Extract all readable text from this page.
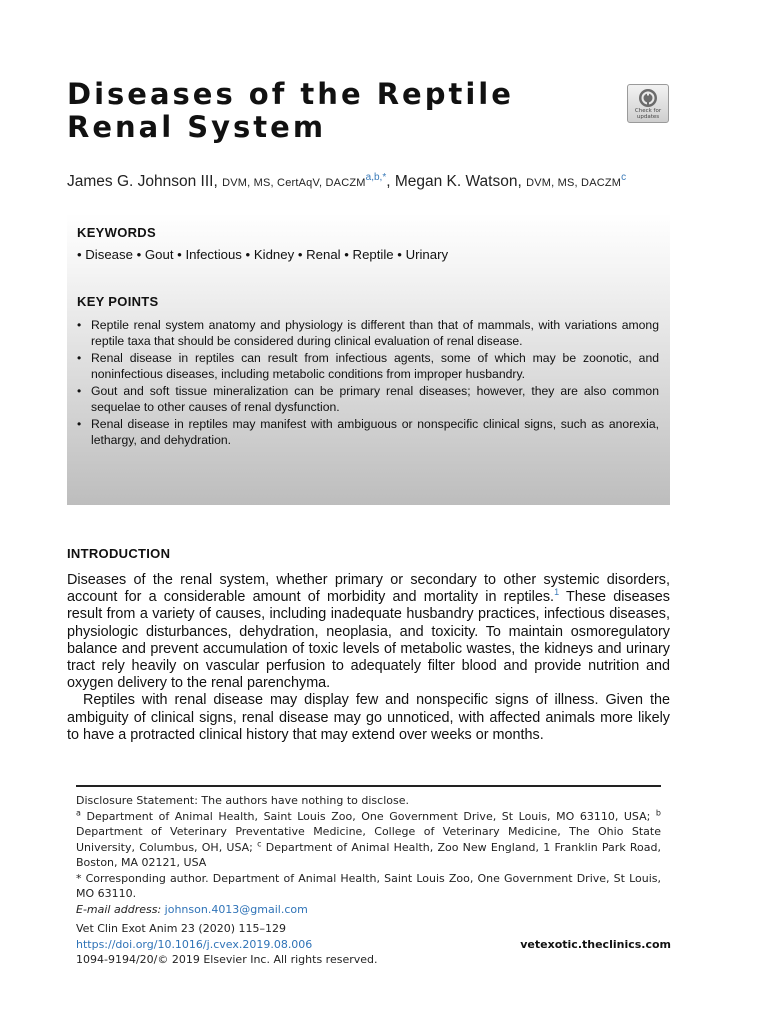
Diseases of the Reptile Renal System	Check for updates
James G. Johnson III, DVM, MS, CertAqV, $DACZM^{a,b,*}$, Megan K. Watson, DVM, MS, DACZM$^c$
KEYWORDS
• Disease • Gout • Infectious • Kidney • Renal • Reptile • Urinary
KEY POINTS
• Reptile renal system anatomy and physiology is different than that of mammals, with variations among reptile taxa that should be considered during clinical evaluation of renal disease.
• Renal disease in reptiles can result from infectious agents, some of which may be zoonotic, and noninfectious diseases, including metabolic conditions from improper husbandry.
• Gout and soft tissue mineralization can be primary renal diseases; however, they are also common sequelae to other causes of renal dysfunction.
• Renal disease in reptiles may manifest with ambiguous or nonspecific clinical signs, such as anorexia, lethargy, and dehydration.
INTRODUCTION

Diseases of the renal system, whether primary or secondary to other systemic disorders, account for a considerable amount of morbidity and mortality in reptiles.$^1$ These diseases result from a variety of causes, including inadequate husbandry practices, infectious diseases, physiologic disturbances, dehydration, neoplasia, and toxicity. To maintain osmoregulatory balance and prevent accumulation of toxic levels of metabolic wastes, the kidneys and urinary tract rely heavily on vascular perfusion to adequately filter blood and provide nutrition and oxygen delivery to the renal parenchyma.

Reptiles with renal disease may display few and nonspecific signs of illness. Given the ambiguity of clinical signs, renal disease may go unnoticed, with affected animals more likely to have a protracted clinical history that may extend over weeks or months.

Disclosure Statement: The authors have nothing to disclose.

$^a$ Department of Animal Health, Saint Louis Zoo, One Government Drive, St Louis, MO 63110, USA; $^b$ Department of Veterinary Preventative Medicine, College of Veterinary Medicine, The Ohio State University, Columbus, OH, USA; $^c$ Department of Animal Health, Zoo New England, 1 Franklin Park Road, Boston, MA 02121, USA

* Corresponding author. Department of Animal Health, Saint Louis Zoo, One Government Drive, St Louis, MO 63110.

E-mail address: johnson.4013@gmail.com

Vet Clin Exot Anim 23 (2020) 115–129
https://doi.org/10.1016/j.cvex.2019.08.006
1094-9194/20/© 2019 Elsevier Inc. All rights reserved.
vetexotic.theclinics.com
